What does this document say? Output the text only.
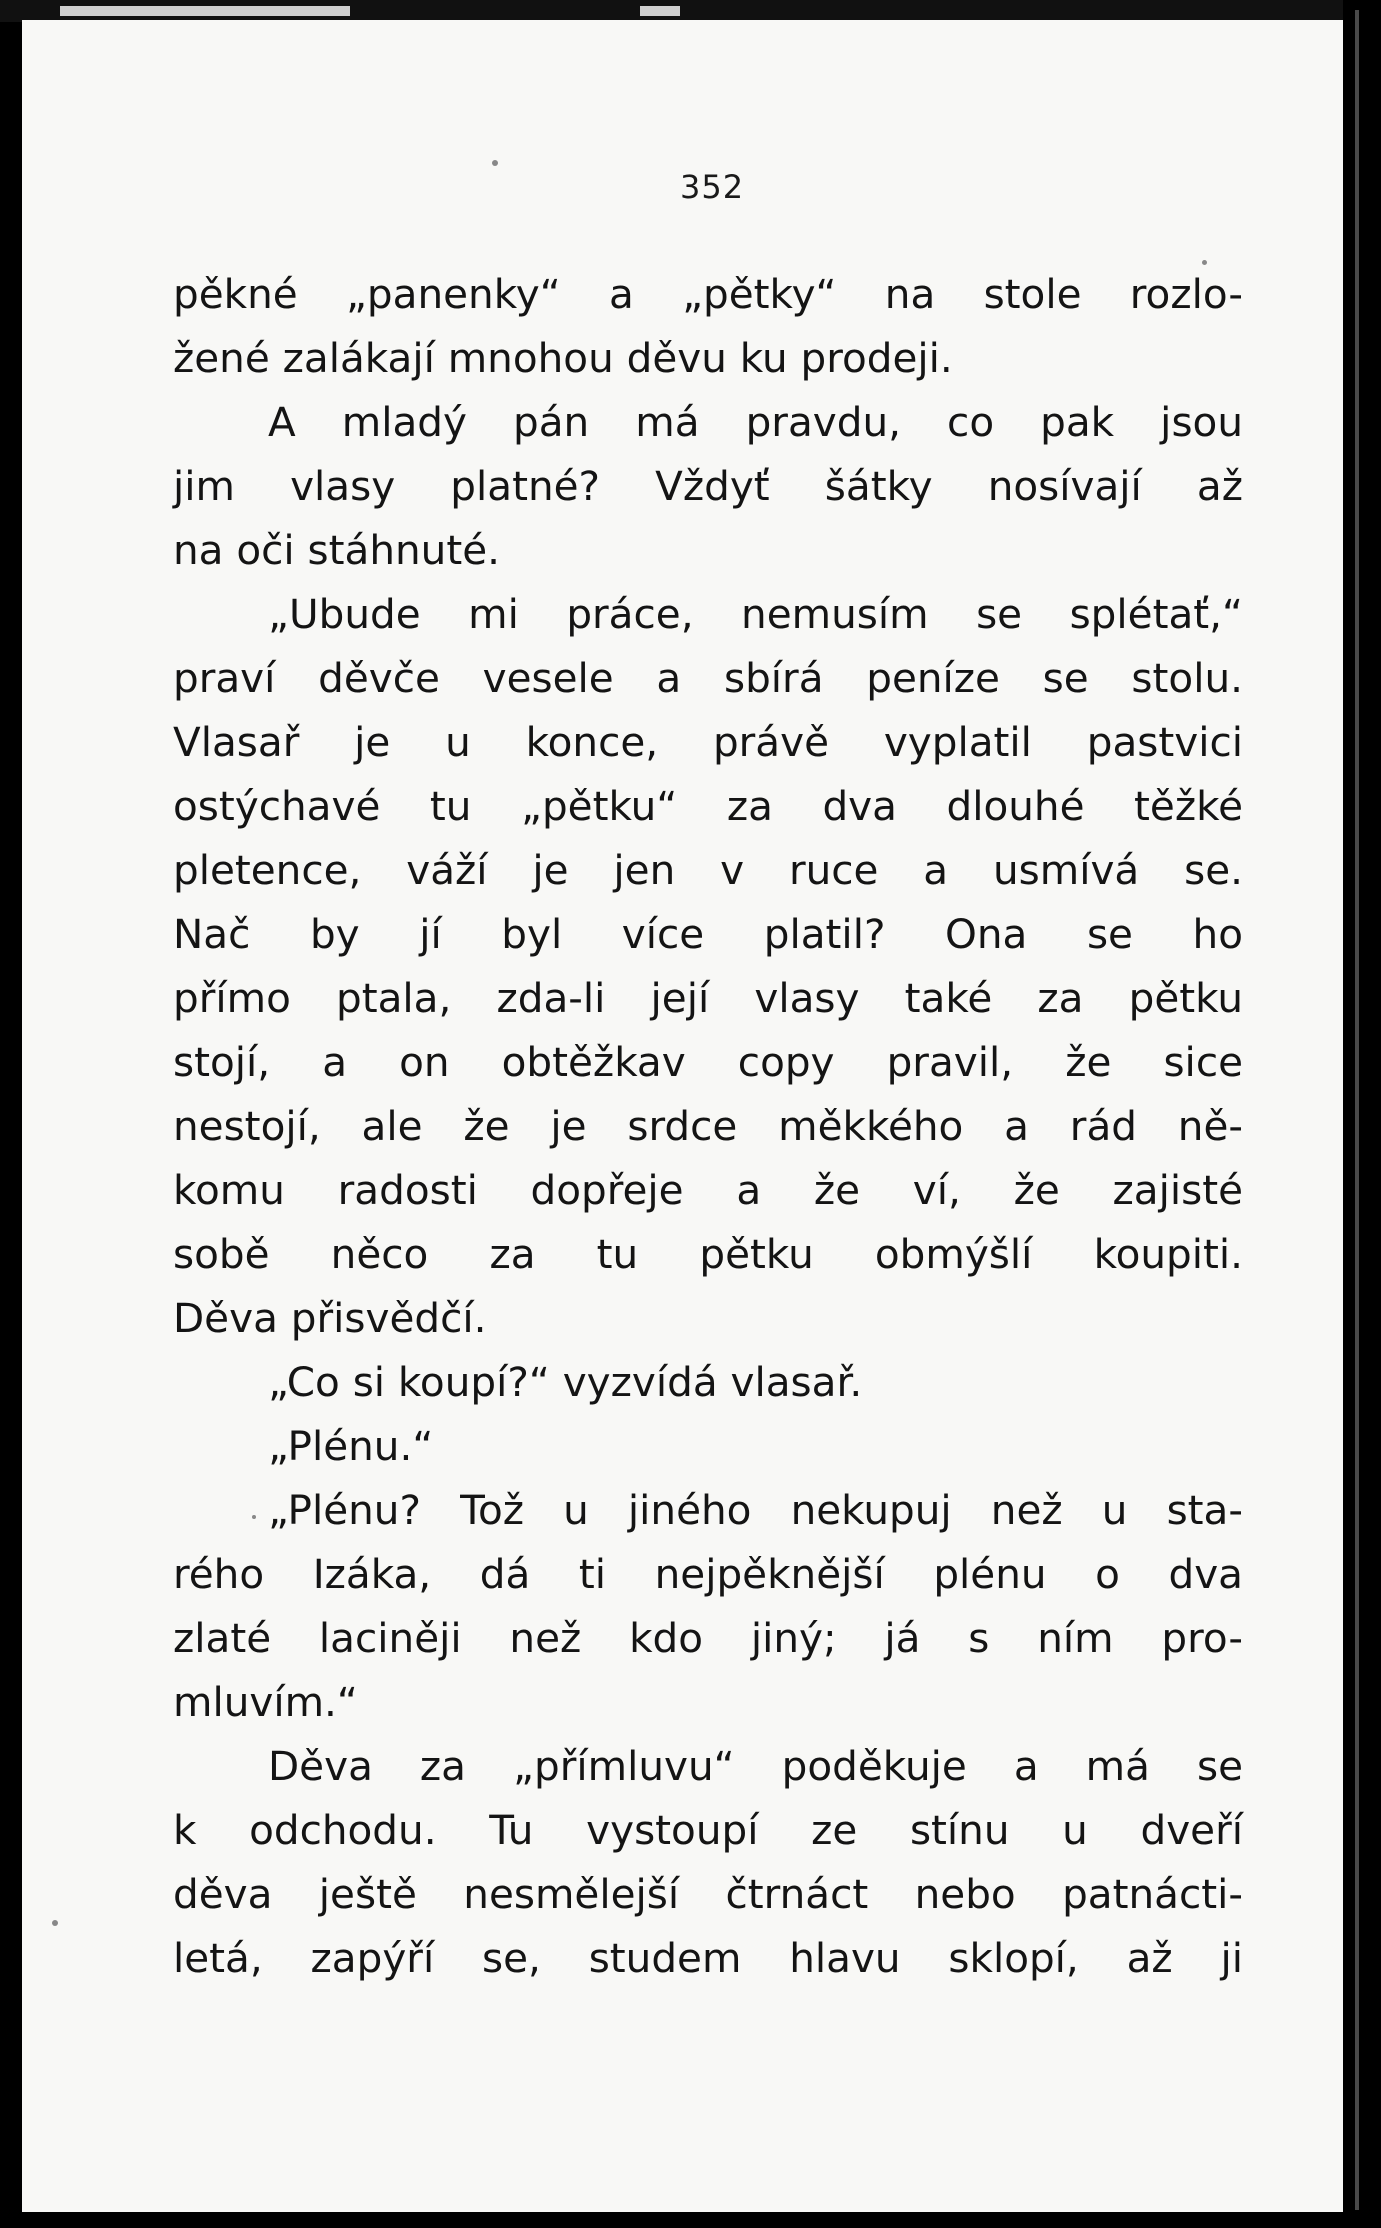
352
pěkné „panenky“ a „pětky“ na stole rozlo-
žené zalákají mnohou děvu ku prodeji.
A mladý pán má pravdu, co pak jsou
jim vlasy platné? Vždyť šátky nosívají až
na oči stáhnuté.
„Ubude mi práce, nemusím se splétať,“
praví děvče vesele a sbírá peníze se stolu.
Vlasař je u konce, právě vyplatil pastvici
ostýchavé tu „pětku“ za dva dlouhé těžké
pletence, váží je jen v ruce a usmívá se.
Nač by jí byl více platil? Ona se ho
přímo ptala, zda-li její vlasy také za pětku
stojí, a on obtěžkav copy pravil, že sice
nestojí, ale že je srdce měkkého a rád ně-
komu radosti dopřeje a že ví, že zajisté
sobě něco za tu pětku obmýšlí koupiti.
Děva přisvědčí.
„Co si koupí?“ vyzvídá vlasař.
„Plénu.“
„Plénu? Tož u jiného nekupuj než u sta-
rého Izáka, dá ti nejpěknější plénu o dva
zlaté laciněji než kdo jiný; já s ním pro-
mluvím.“
Děva za „přímluvu“ poděkuje a má se
k odchodu. Tu vystoupí ze stínu u dveří
děva ještě nesmělejší čtrnáct nebo patnácti-
letá, zapýří se, studem hlavu sklopí, až ji
